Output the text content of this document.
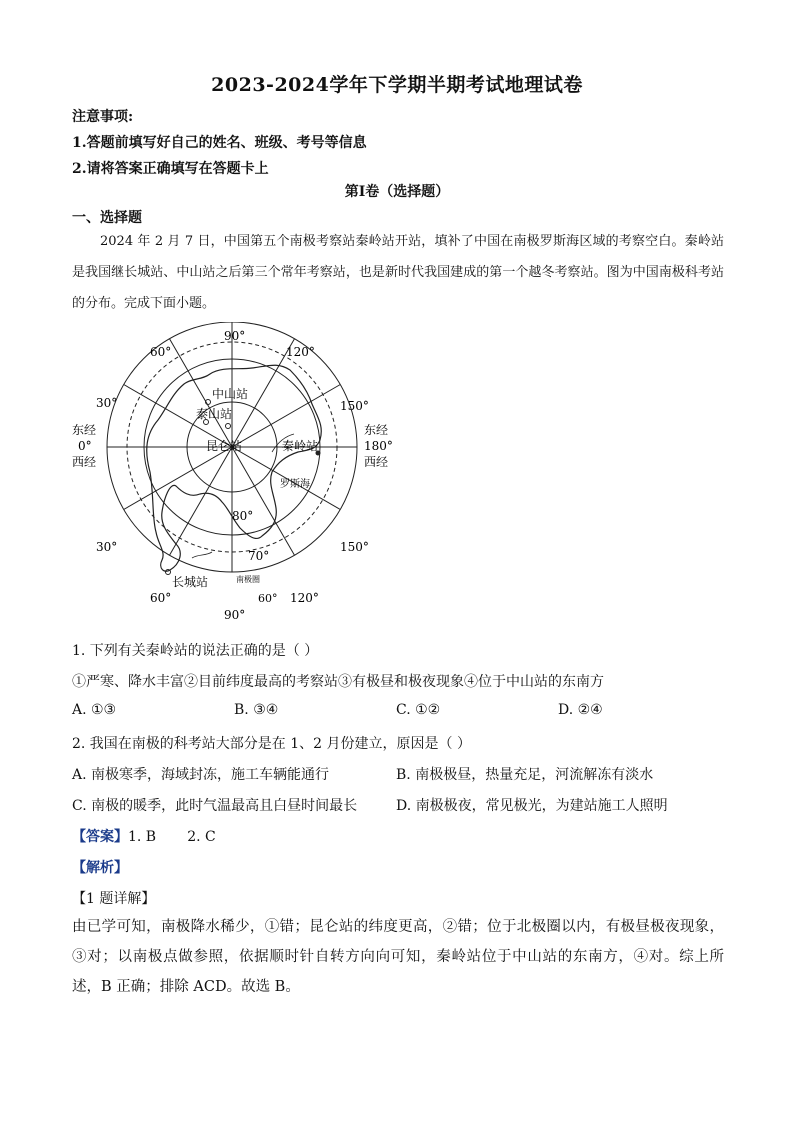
2023-2024学年下学期半期考试地理试卷
注意事项:
1.答题前填写好自己的姓名、班级、考号等信息
2.请将答案正确填写在答题卡上
第Ⅰ卷（选择题）
一、选择题
2024 年 2 月 7 日，中国第五个南极考察站秦岭站开站，填补了中国在南极罗斯海区域的考察空白。秦岭站是我国继长城站、中山站之后第三个常年考察站，也是新时代我国建成的第一个越冬考察站。图为中国南极科考站的分布。完成下面小题。
90°
90°
60°	120°
30°	150°
30°	150°
60°	120°
60°
东经
0°
西经
东经
180°
西经
80°
70°
中山站
泰山站
昆仑站	秦岭站
长城站
罗斯海
南极圈
1. 下列有关秦岭站的说法正确的是（ ）
①严寒、降水丰富②目前纬度最高的考察站③有极昼和极夜现象④位于中山站的东南方
A. ①③	B. ③④	C. ①②	D. ②④
2. 我国在南极的科考站大部分是在 1、2 月份建立，原因是（ ）
A. 南极寒季，海域封冻，施工车辆能通行	B. 南极极昼，热量充足，河流解冻有淡水
C. 南极的暖季，此时气温最高且白昼时间最长	D. 南极极夜，常见极光，为建站施工人照明
【答案】1. B       2. C
【解析】
【1 题详解】
由已学可知，南极降水稀少，①错；昆仑站的纬度更高，②错；位于北极圈以内，有极昼极夜现象，③对；以南极点做参照，依据顺时针自转方向向可知，秦岭站位于中山站的东南方，④对。综上所述，B 正确；排除 ACD。故选 B。
